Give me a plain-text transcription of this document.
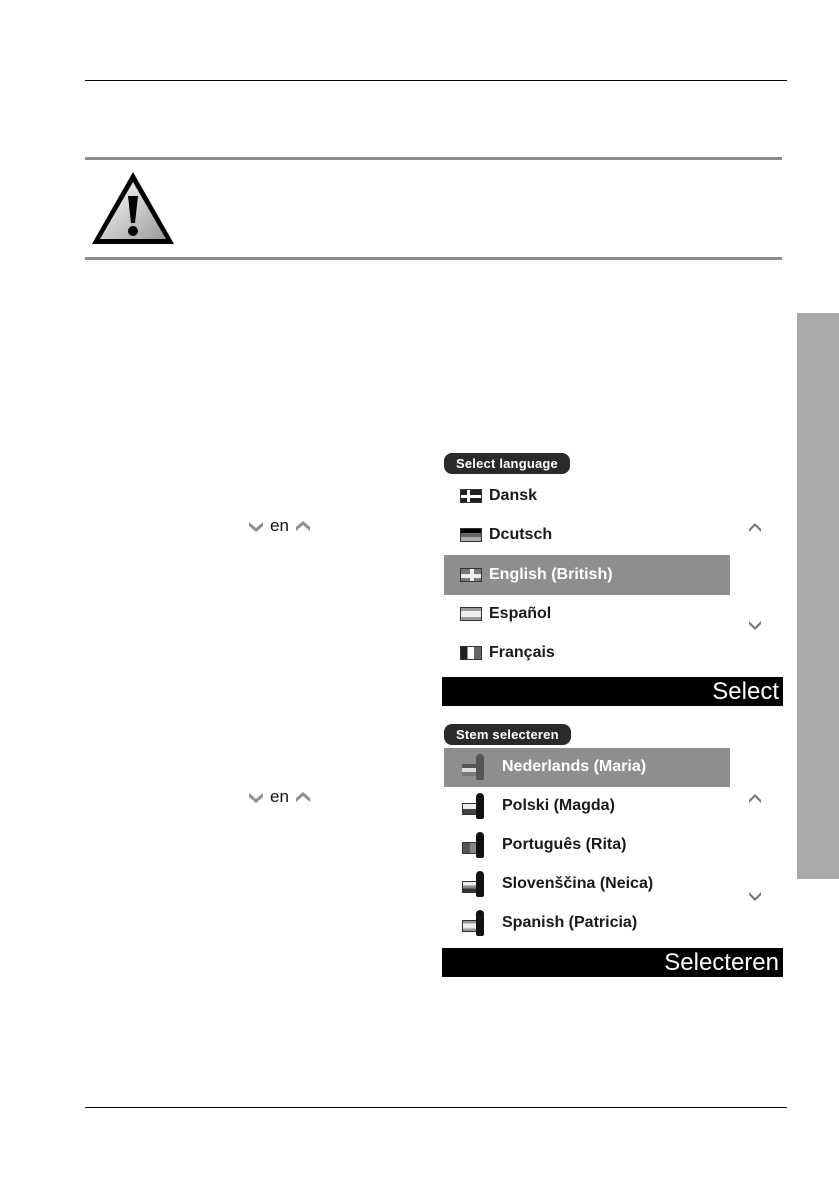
en
en
Select language
Dansk
Dcutsch
English (British)
Español
Français
Select
Stem selecteren
Nederlands (Maria)
Polski (Magda)
Português (Rita)
Slovenščina (Neica)
Spanish (Patricia)
Selecteren
